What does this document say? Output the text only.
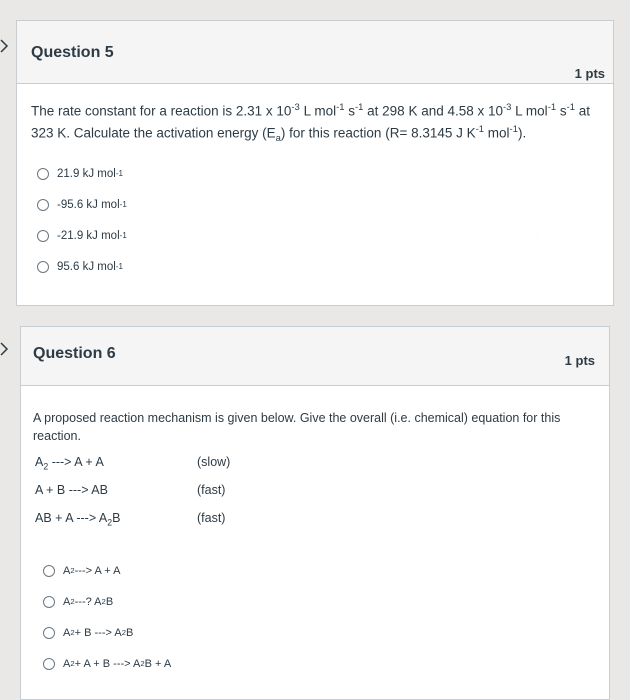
Question 5
1 pts
The rate constant for a reaction is 2.31 x $10^{-3}$ L mol$^{-1}$ $s^{-1}$ at 298 K and 4.58 x $10^{-3}$ L mol$^{-1}$ $s^{-1}$ at 323 K. Calculate the activation energy $(E_a)$ for this reaction (R= 8.3145 J $K^{-1}$ mol$^{-1}$).
21.9 kJ mol -1
-95.6 kJ mol -1
-21.9 kJ mol -1
95.6 kJ mol -1
Question 6	1 pts
A proposed reaction mechanism is given below. Give the overall (i.e. chemical) equation for this reaction.
$A_2$ ---> A + A	(slow)
A + B ---> AB	(fast)
AB + A ---> $A_2B$	(fast)
A 2 ---> A + A
A 2 ---? A 2 B
A 2 + B ---> A 2 B
A 2 + A + B ---> A 2 B + A
